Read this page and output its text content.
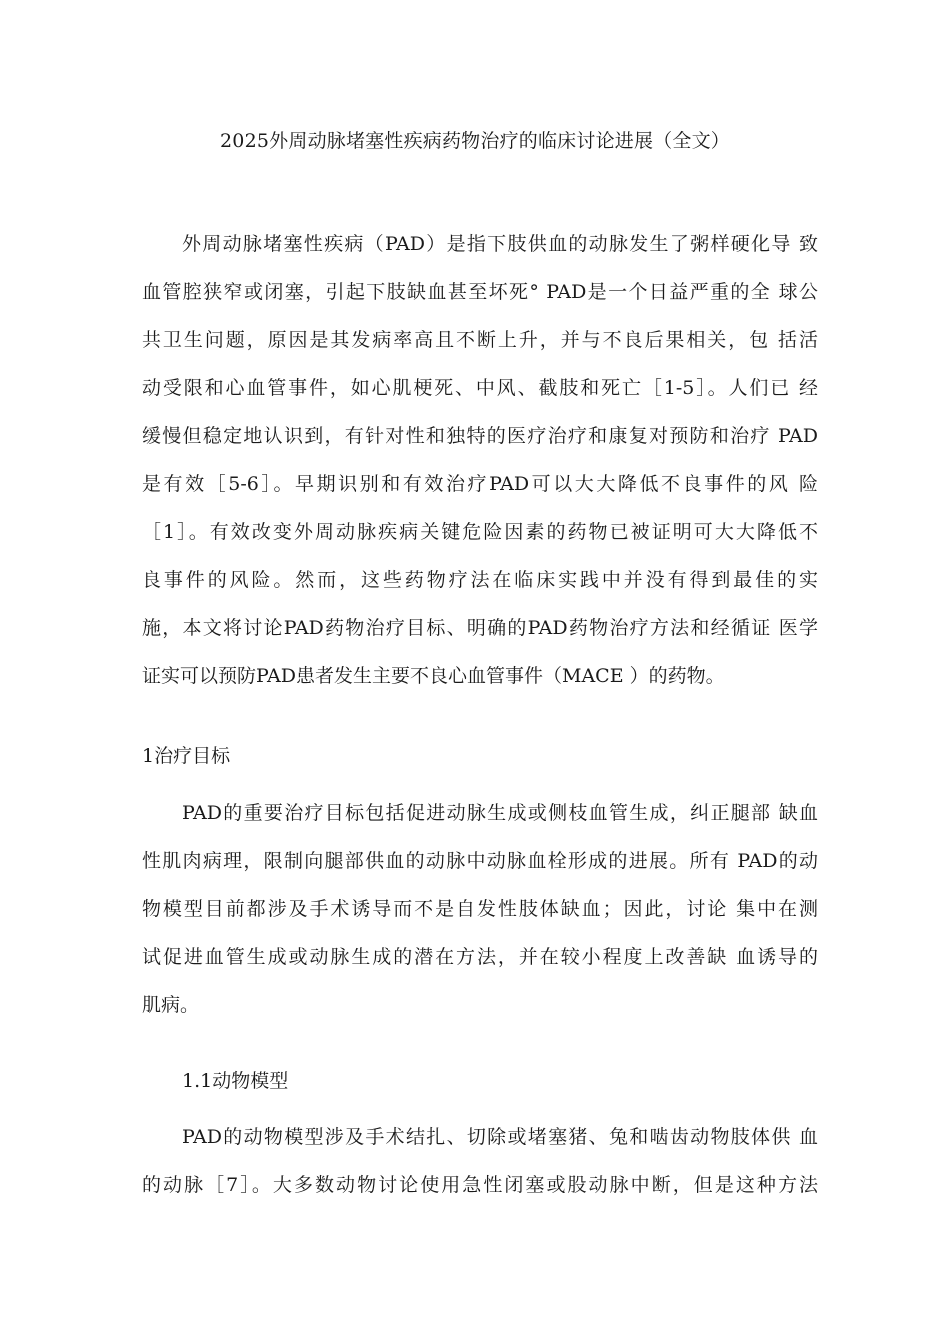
2025外周动脉堵塞性疾病药物治疗的临床讨论进展（全文）
外周动脉堵塞性疾病（PAD）是指下肢供血的动脉发生了粥样硬化导 致
血管腔狭窄或闭塞，引起下肢缺血甚至坏死° PAD是一个日益严重的全 球公
共卫生问题，原因是其发病率高且不断上升，并与不良后果相关，包 括活
动受限和心血管事件，如心肌梗死、中风、截肢和死亡［1-5］。人们已 经
缓慢但稳定地认识到，有针对性和独特的医疗治疗和康复对预防和治疗 PAD
是有效［5-6］。早期识别和有效治疗PAD可以大大降低不良事件的风 险
［1］。有效改变外周动脉疾病关键危险因素的药物已被证明可大大降低不
良事件的风险。然而，这些药物疗法在临床实践中并没有得到最佳的实
施，本文将讨论PAD药物治疗目标、明确的PAD药物治疗方法和经循证 医学
证实可以预防PAD患者发生主要不良心血管事件（MACE ）的药物。
1治疗目标
PAD的重要治疗目标包括促进动脉生成或侧枝血管生成，纠正腿部 缺血
性肌肉病理，限制向腿部供血的动脉中动脉血栓形成的进展。所有 PAD的动
物模型目前都涉及手术诱导而不是自发性肢体缺血；因此，讨论 集中在测
试促进血管生成或动脉生成的潜在方法，并在较小程度上改善缺 血诱导的
肌病。
1.1动物模型
PAD的动物模型涉及手术结扎、切除或堵塞猪、兔和啮齿动物肢体供 血
的动脉［7］。大多数动物讨论使用急性闭塞或股动脉中断，但是这种方法
